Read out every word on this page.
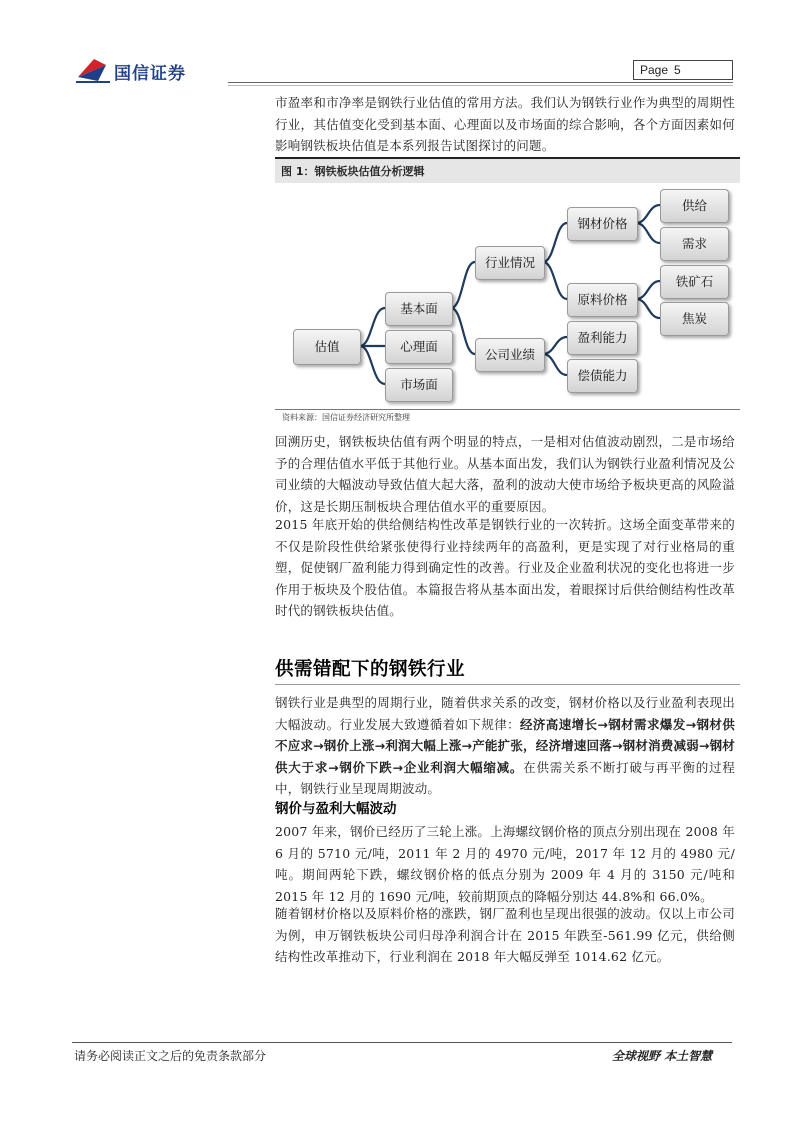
国信证券	Page 5

市盈率和市净率是钢铁行业估值的常用方法。我们认为钢铁行业作为典型的周期性行业，其估值变化受到基本面、心理面以及市场面的综合影响，各个方面因素如何影响钢铁板块估值是本系列报告试图探讨的问题。

图 1：钢铁板块估值分析逻辑
估值
基本面
心理面
市场面
行业情况
公司业绩
钢材价格
原料价格
盈利能力
偿债能力
供给
需求
铁矿石
焦炭
资料来源：国信证券经济研究所整理

回溯历史，钢铁板块估值有两个明显的特点，一是相对估值波动剧烈，二是市场给予的合理估值水平低于其他行业。从基本面出发，我们认为钢铁行业盈利情况及公司业绩的大幅波动导致估值大起大落，盈利的波动大使市场给予板块更高的风险溢价，这是长期压制板块合理估值水平的重要原因。

2015 年底开始的供给侧结构性改革是钢铁行业的一次转折。这场全面变革带来的不仅是阶段性供给紧张使得行业持续两年的高盈利，更是实现了对行业格局的重塑，促使钢厂盈利能力得到确定性的改善。行业及企业盈利状况的变化也将进一步作用于板块及个股估值。本篇报告将从基本面出发，着眼探讨后供给侧结构性改革时代的钢铁板块估值。

供需错配下的钢铁行业

钢铁行业是典型的周期行业，随着供求关系的改变，钢材价格以及行业盈利表现出大幅波动。行业发展大致遵循着如下规律：经济高速增长→钢材需求爆发→钢材供不应求→钢价上涨→利润大幅上涨→产能扩张，经济增速回落→钢材消费减弱→钢材供大于求→钢价下跌→企业利润大幅缩减。在供需关系不断打破与再平衡的过程中，钢铁行业呈现周期波动。

钢价与盈利大幅波动

2007 年来，钢价已经历了三轮上涨。上海螺纹钢价格的顶点分别出现在 2008 年 6 月的 5710 元/吨，2011 年 2 月的 4970 元/吨，2017 年 12 月的 4980 元/吨。期间两轮下跌，螺纹钢价格的低点分别为 2009 年 4 月的 3150 元/吨和 2015 年 12 月的 1690 元/吨，较前期顶点的降幅分别达 44.8%和 66.0%。

随着钢材价格以及原料价格的涨跌，钢厂盈利也呈现出很强的波动。仅以上市公司为例，申万钢铁板块公司归母净利润合计在 2015 年跌至-561.99 亿元，供给侧结构性改革推动下，行业利润在 2018 年大幅反弹至 1014.62 亿元。

请务必阅读正文之后的免责条款部分	全球视野 本土智慧
